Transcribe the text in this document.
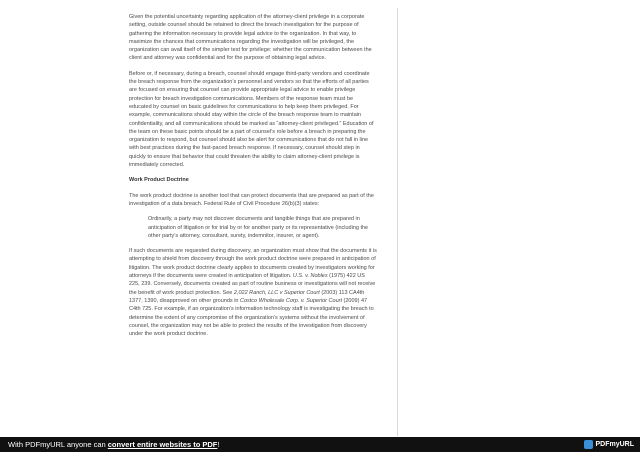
Given the potential uncertainty regarding application of the attorney-client privilege in a corporate setting, outside counsel should be retained to direct the breach investigation for the purpose of gathering the information necessary to provide legal advice to the organization. In that way, to maximize the chances that communications regarding the investigation will be privileged, the organization can avail itself of the simpler test for privilege: whether the communication between the client and attorney was confidential and for the purpose of obtaining legal advice.

Before or, if necessary, during a breach, counsel should engage third-party vendors and coordinate the breach response from the organization’s personnel and vendors so that the efforts of all parties are focused on ensuring that counsel can provide appropriate legal advice to enable privilege protection for breach investigation communications. Members of the response team must be educated by counsel on basic guidelines for communications to help keep them privileged. For example, communications should stay within the circle of the breach response team to maintain confidentiality, and all communications should be marked as “attorney-client privileged.” Education of the team on these basic points should be a part of counsel’s role before a breach in preparing the organization to respond, but counsel should also be alert for communications that do not fall in line with best practices during the fast-paced breach response. If necessary, counsel should step in quickly to ensure that behavior that could threaten the ability to claim attorney-client privilege is immediately corrected.

Work Product Doctrine

The work product doctrine is another tool that can protect documents that are prepared as part of the investigation of a data breach. Federal Rule of Civil Procedure 26(b)(3) states:

Ordinarily, a party may not discover documents and tangible things that are prepared in anticipation of litigation or for trial by or for another party or its representative (including the other party’s attorney, consultant, surety, indemnitor, insurer, or agent).

If such documents are requested during discovery, an organization must show that the documents it is attempting to shield from discovery through the work product doctrine were prepared in anticipation of litigation. The work product doctrine clearly applies to documents created by investigators working for attorneys if the documents were created in anticipation of litigation. U.S. v. Nobles (1975) 422 US 225, 239. Conversely, documents created as part of routine business or investigations will not receive the benefit of work product protection. See 2,022 Ranch, LLC v Superior Court (2003) 113 CA4th 1377, 1390, disapproved on other grounds in Costco Wholesale Corp. v. Superior Court (2009) 47 C4th 725. For example, if an organization’s information technology staff is investigating the breach to determine the extent of any compromise of the organization’s systems without the involvement of counsel, the organization may not be able to protect the results of the investigation from discovery under the work product doctrine.

With PDFmyURL anyone can convert entire websites to PDF!	PDFmyURL
